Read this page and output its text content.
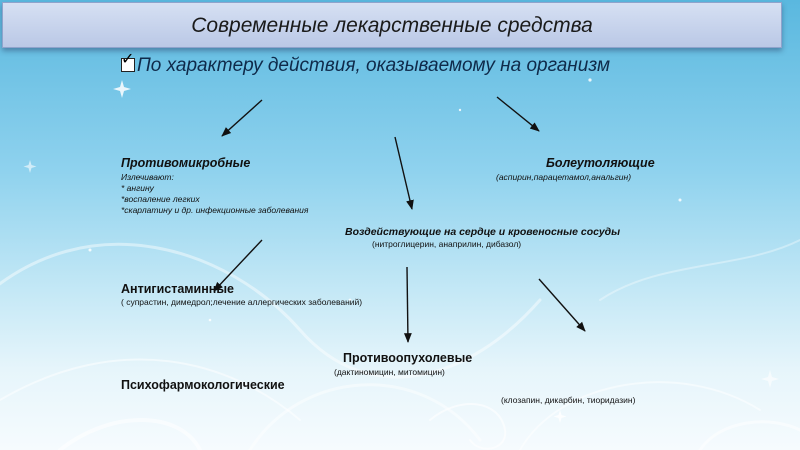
Современные лекарственные средства
✓ По характеру действия, оказываемому на организм
Противомикробные
Излечивают:
* ангину
*воспаление легких
*скарлатину и др. инфекционные заболевания
Болеутоляющие
(аспирин,парацетамол,анальгин)
Воздействующие на сердце и кровеносные сосуды
(нитроглицерин, анаприлин, дибазол)
Антигистаминные
( супрастин, димедрол;лечение аллергических заболеваний)
Противоопухолевые
(дактиномицин, митомицин)
Психофармокологические
(клозапин, дикарбин, тиоридазин)
